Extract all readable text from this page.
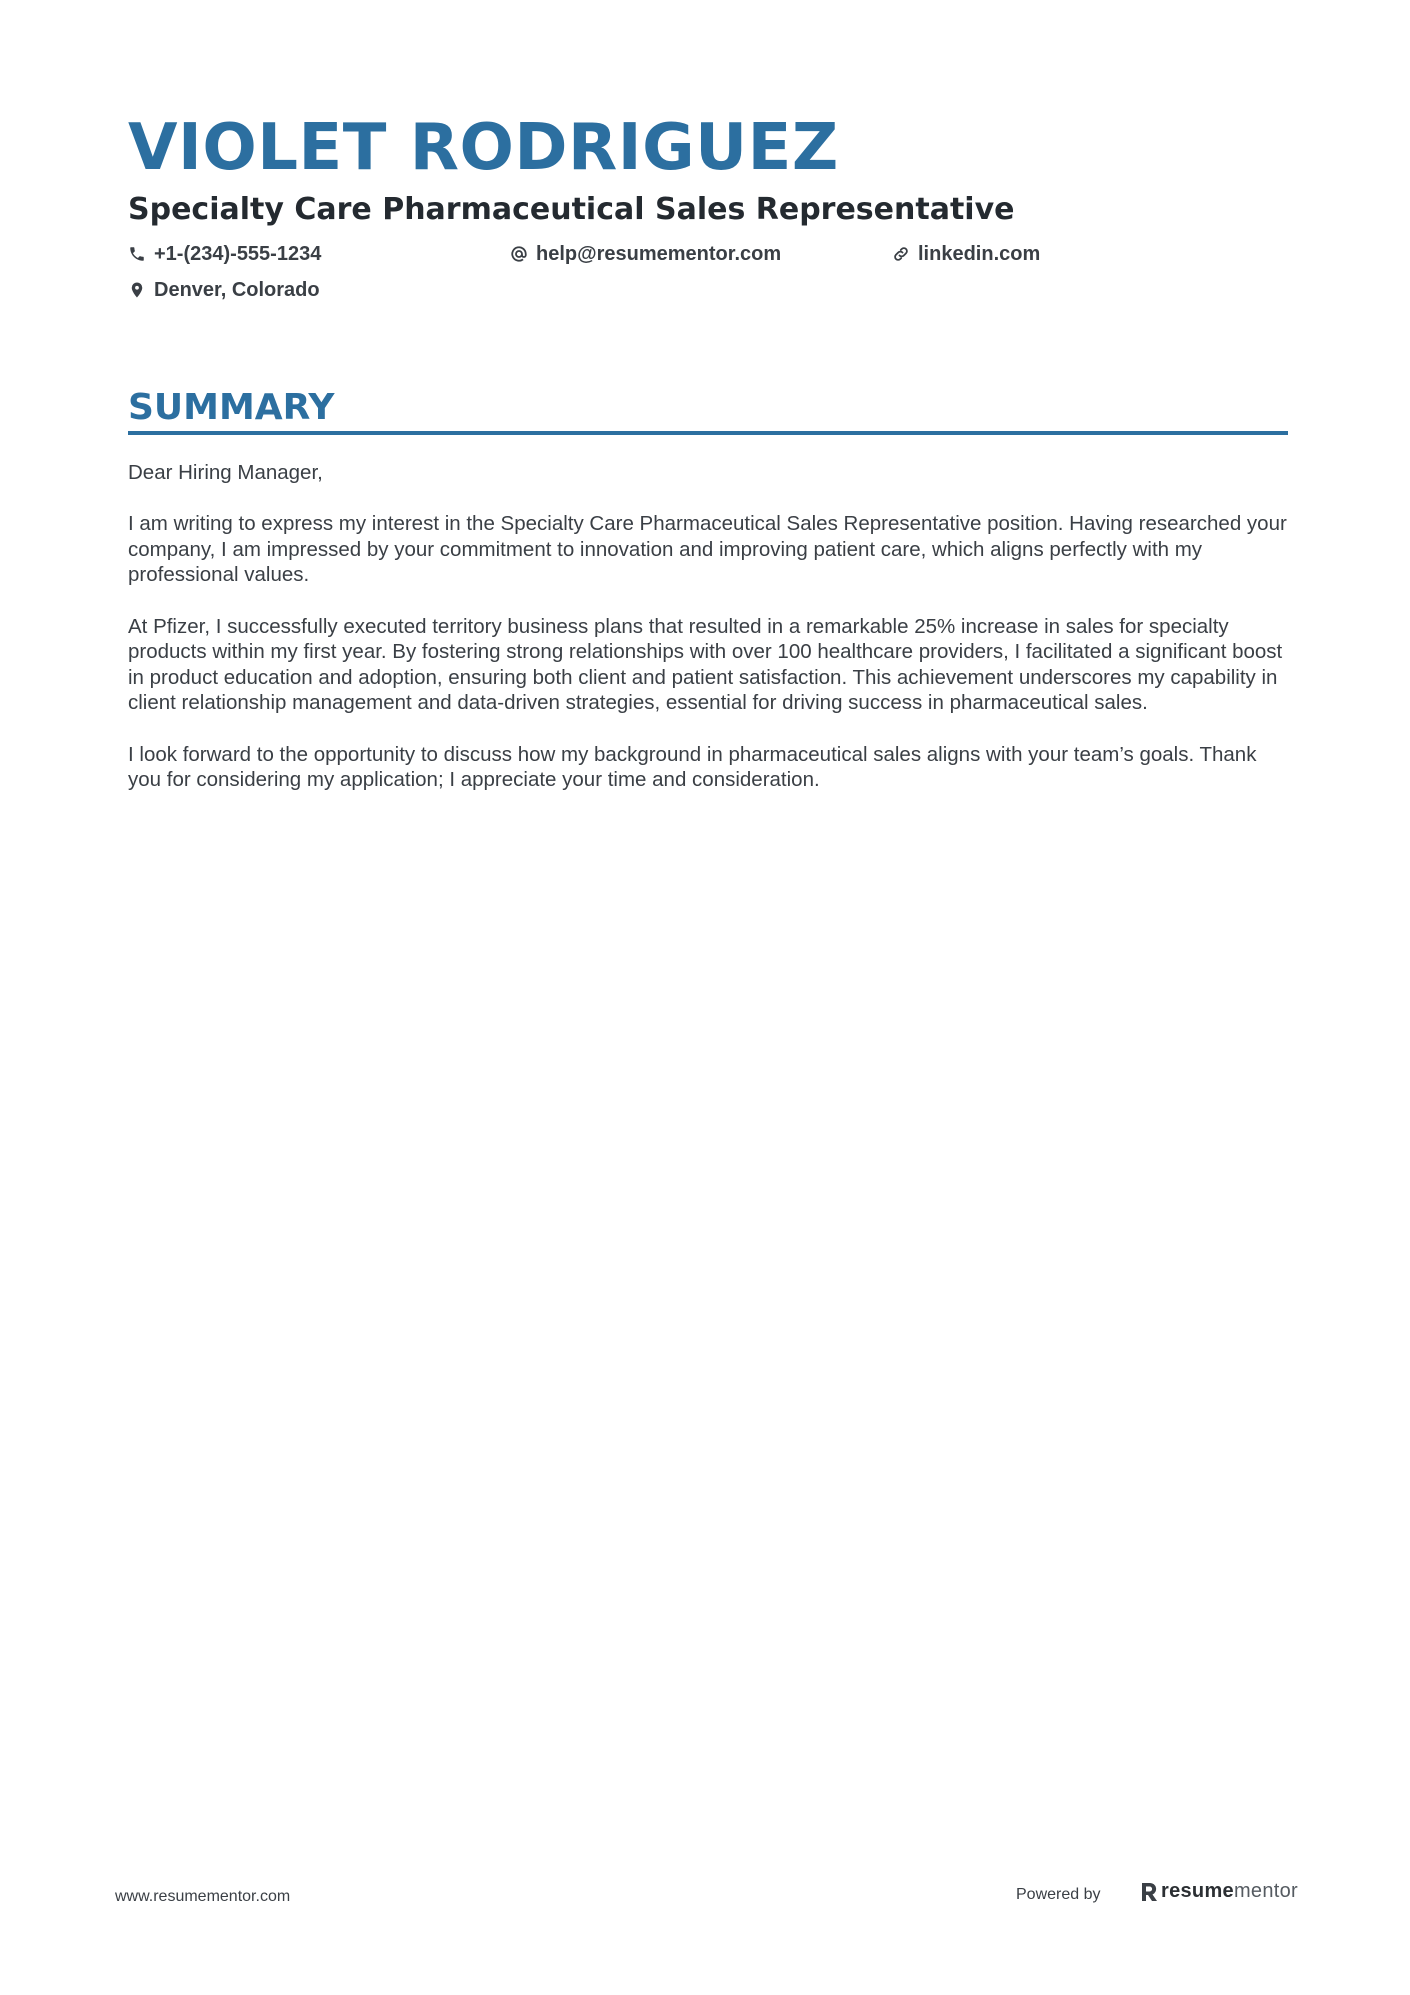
VIOLET RODRIGUEZ
Specialty Care Pharmaceutical Sales Representative
+1-(234)-555-1234	help@resumementor.com	linkedin.com
Denver, Colorado
SUMMARY

Dear Hiring Manager,

I am writing to express my interest in the Specialty Care Pharmaceutical Sales Representative position. Having researched your company, I am impressed by your commitment to innovation and improving patient care, which aligns perfectly with my professional values.

At Pfizer, I successfully executed territory business plans that resulted in a remarkable 25% increase in sales for specialty products within my first year. By fostering strong relationships with over 100 healthcare providers, I facilitated a significant boost in product education and adoption, ensuring both client and patient satisfaction. This achievement underscores my capability in client relationship management and data-driven strategies, essential for driving success in pharmaceutical sales.

I look forward to the opportunity to discuss how my background in pharmaceutical sales aligns with your team’s goals. Thank you for considering my application; I appreciate your time and consideration.

www.resumementor.com	Powered by	resumementor
